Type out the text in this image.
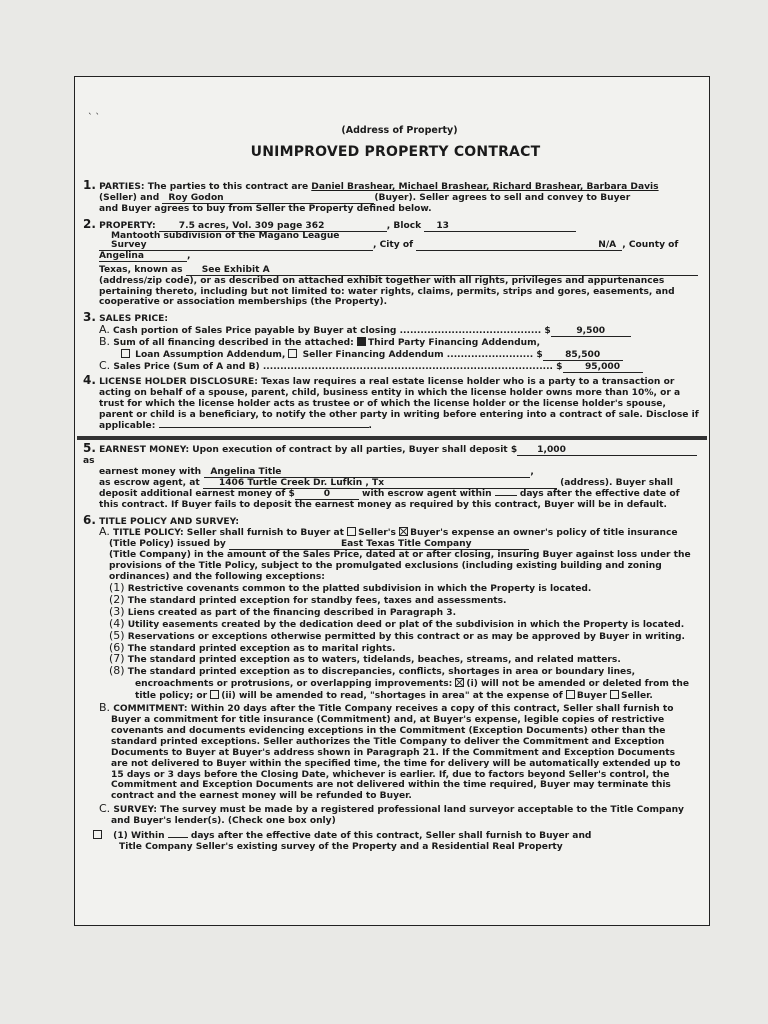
` `
(Address of Property)
UNIMPROVED PROPERTY CONTRACT
1. PARTIES: The parties to this contract are Daniel Brashear, Michael Brashear, Richard Brashear, Barbara Davis
(Seller) and Roy Godon	(Buyer). Seller agrees to sell and convey to Buyer
and Buyer agrees to buy from Seller the Property defined below.
2. PROPERTY:	7.5 acres, Vol. 309 page 362	, Block 13
Mantooth subdivision of the Magano League Survey	, City of	N/A , County of
Angelina	,
Texas, known as See Exhibit A
(address/zip code), or as described on attached exhibit together with all rights, privileges and appurtenances
pertaining thereto, including but not limited to: water rights, claims, permits, strips and gores, easements, and
cooperative or association memberships (the Property).
3. SALES PRICE:
A. Cash portion of Sales Price payable by Buyer at closing ......................................... $	9,500
B. Sum of all financing described in the attached: Third Party Financing Addendum,
Loan Assumption Addendum, Seller Financing Addendum ......................... $ 85,500
C. Sales Price (Sum of A and B) .................................................................................... $ 95,000
4. LICENSE HOLDER DISCLOSURE: Texas law requires a real estate license holder who is a party to a transaction or
acting on behalf of a spouse, parent, child, business entity in which the license holder owns more than 10%, or a
trust for which the license holder acts as trustee or of which the license holder or the license holder's spouse,
parent or child is a beneficiary, to notify the other party in writing before entering into a contract of sale. Disclose if
applicable:	.
5. EARNEST MONEY: Upon execution of contract by all parties, Buyer shall deposit $ 1,000as
earnest money with Angelina Title	,
as escrow agent, at 1406 Turtle Creek Dr. Lufkin , Tx	(address). Buyer shall
deposit additional earnest money of $	0	with escrow agent within	days after the effective date of
this contract. If Buyer fails to deposit the earnest money as required by this contract, Buyer will be in default.
6. TITLE POLICY AND SURVEY:
A. TITLE POLICY: Seller shall furnish to Buyer at Seller's Buyer's expense an owner's policy of title insurance
(Title Policy) issued by	East Texas Title Company
(Title Company) in the amount of the Sales Price, dated at or after closing, insuring Buyer against loss under the
provisions of the Title Policy, subject to the promulgated exclusions (including existing building and zoning
ordinances) and the following exceptions:
(1) Restrictive covenants common to the platted subdivision in which the Property is located.
(2) The standard printed exception for standby fees, taxes and assessments.
(3) Liens created as part of the financing described in Paragraph 3.
(4) Utility easements created by the dedication deed or plat of the subdivision in which the Property is located.
(5) Reservations or exceptions otherwise permitted by this contract or as may be approved by Buyer in writing.
(6) The standard printed exception as to marital rights.
(7) The standard printed exception as to waters, tidelands, beaches, streams, and related matters.
(8) The standard printed exception as to discrepancies, conflicts, shortages in area or boundary lines,
encroachments or protrusions, or overlapping improvements: (i) will not be amended or deleted from the
title policy; or (ii) will be amended to read, "shortages in area" at the expense of Buyer Seller.
B. COMMITMENT: Within 20 days after the Title Company receives a copy of this contract, Seller shall furnish to
Buyer a commitment for title insurance (Commitment) and, at Buyer's expense, legible copies of restrictive
covenants and documents evidencing exceptions in the Commitment (Exception Documents) other than the
standard printed exceptions. Seller authorizes the Title Company to deliver the Commitment and Exception
Documents to Buyer at Buyer's address shown in Paragraph 21. If the Commitment and Exception Documents
are not delivered to Buyer within the specified time, the time for delivery will be automatically extended up to
15 days or 3 days before the Closing Date, whichever is earlier. If, due to factors beyond Seller's control, the
Commitment and Exception Documents are not delivered within the time required, Buyer may terminate this
contract and the earnest money will be refunded to Buyer.
C. SURVEY: The survey must be made by a registered professional land surveyor acceptable to the Title Company
and Buyer's lender(s). (Check one box only)
(1) Within	days after the effective date of this contract, Seller shall furnish to Buyer and
Title Company Seller's existing survey of the Property and a Residential Real Property
